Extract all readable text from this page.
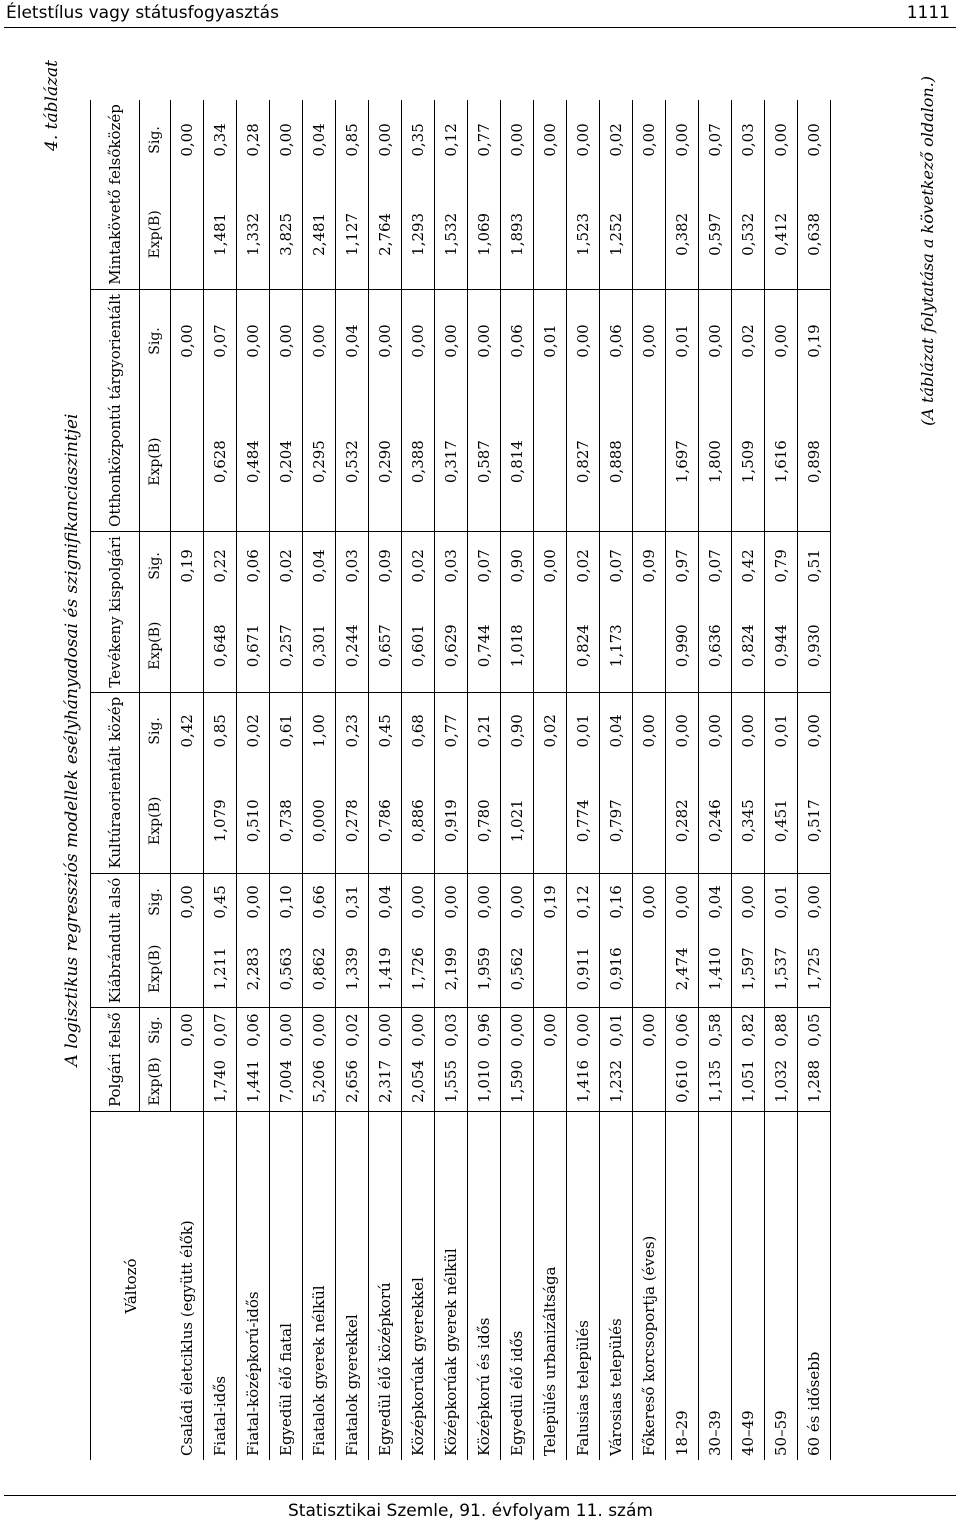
Életstílus vagy státusfogyasztás	1111
4. táblázat
A logisztikus regressziós modellek esélyhányadosai és szignifikanciaszintjei
Változó	Polgári felső		Kiábrándult alsó		Kultúraorientált közép		Tevékeny kispolgári		Otthonközpontú tárgyorientált		Mintakövető felsőközép	
	Exp(B)	Sig.	Exp(B)	Sig.	Exp(B)	Sig.	Exp(B)	Sig.	Exp(B)	Sig.	Exp(B)	Sig.
Családi életciklus (együtt élők)		0,00		0,00		0,42		0,19		0,00		0,00
Fiatal-idős	1,740	0,07	1,211	0,45	1,079	0,85	0,648	0,22	0,628	0,07	1,481	0,34
Fiatal-középkorú-idős	1,441	0,06	2,283	0,00	0,510	0,02	0,671	0,06	0,484	0,00	1,332	0,28
Egyedül élő fiatal	7,004	0,00	0,563	0,10	0,738	0,61	0,257	0,02	0,204	0,00	3,825	0,00
Fiatalok gyerek nélkül	5,206	0,00	0,862	0,66	0,000	1,00	0,301	0,04	0,295	0,00	2,481	0,04
Fiatalok gyerekkel	2,656	0,02	1,339	0,31	0,278	0,23	0,244	0,03	0,532	0,04	1,127	0,85
Egyedül élő középkorú	2,317	0,00	1,419	0,04	0,786	0,45	0,657	0,09	0,290	0,00	2,764	0,00
Középkorúak gyerekkel	2,054	0,00	1,726	0,00	0,886	0,68	0,601	0,02	0,388	0,00	1,293	0,35
Középkorúak gyerek nélkül	1,555	0,03	2,199	0,00	0,919	0,77	0,629	0,03	0,317	0,00	1,532	0,12
Középkorú és idős	1,010	0,96	1,959	0,00	0,780	0,21	0,744	0,07	0,587	0,00	1,069	0,77
Egyedül élő idős	1,590	0,00	0,562	0,00	1,021	0,90	1,018	0,90	0,814	0,06	1,893	0,00
Település urbanizáltsága		0,00		0,19		0,02		0,00		0,01		0,00
Falusias település	1,416	0,00	0,911	0,12	0,774	0,01	0,824	0,02	0,827	0,00	1,523	0,00
Városias település	1,232	0,01	0,916	0,16	0,797	0,04	1,173	0,07	0,888	0,06	1,252	0,02
Főkereső korcsoportja (éves)		0,00		0,00		0,00		0,09		0,00		0,00
18–29	0,610	0,06	2,474	0,00	0,282	0,00	0,990	0,97	1,697	0,01	0,382	0,00
30–39	1,135	0,58	1,410	0,04	0,246	0,00	0,636	0,07	1,800	0,00	0,597	0,07
40–49	1,051	0,82	1,597	0,00	0,345	0,00	0,824	0,42	1,509	0,02	0,532	0,03
50–59	1,032	0,88	1,537	0,01	0,451	0,01	0,944	0,79	1,616	0,00	0,412	0,00
60 és idősebb	1,288	0,05	1,725	0,00	0,517	0,00	0,930	0,51	0,898	0,19	0,638	0,00	(A táblázat folytatása a következő oldalon.)
Statisztikai Szemle, 91. évfolyam 11. szám
